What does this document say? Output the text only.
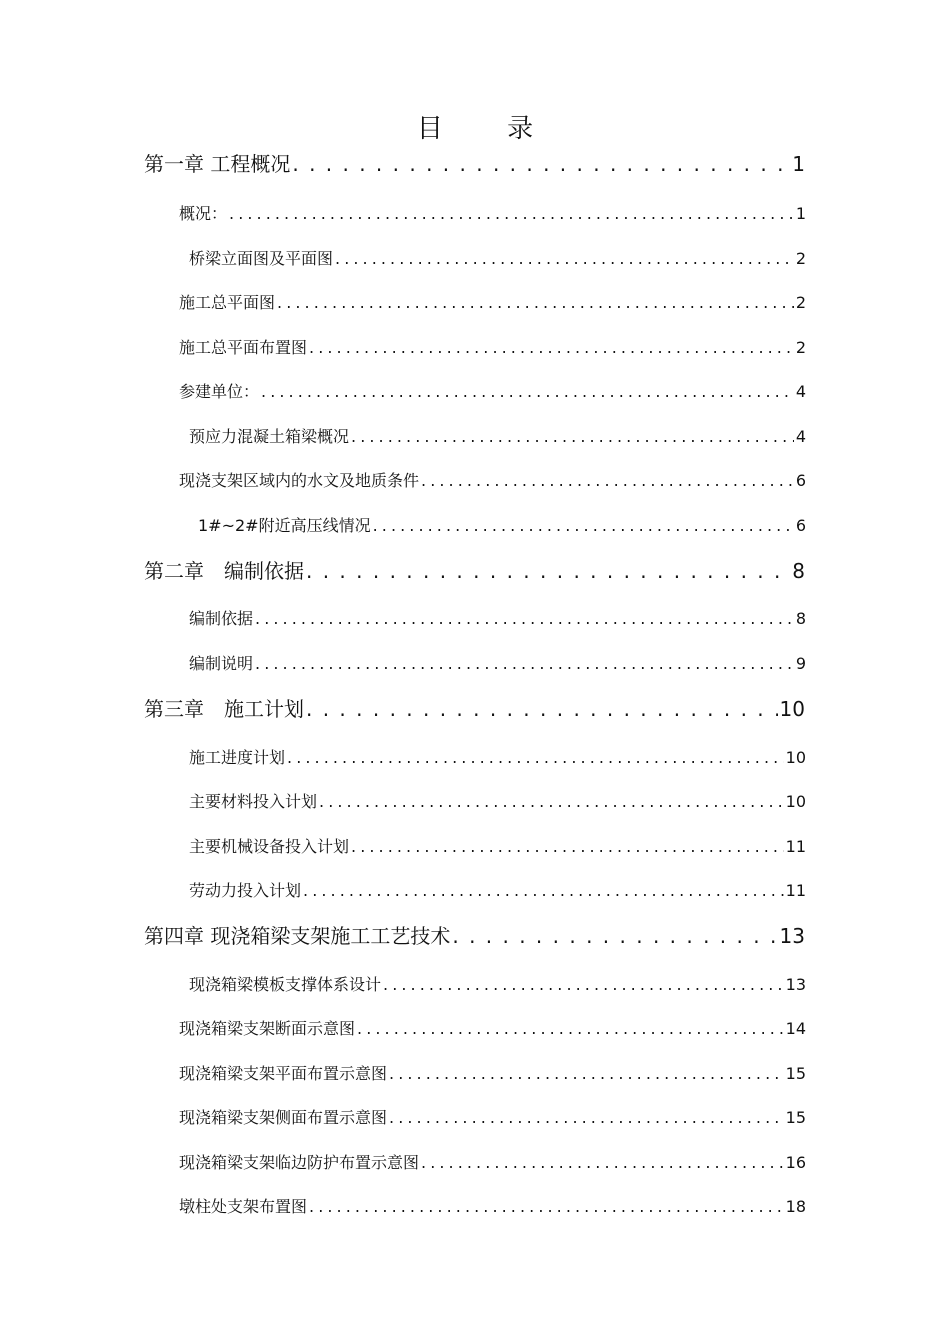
目 录
第一章 工程概况 . . .	1
概况： . . .	1
桥梁立面图及平面图 . . .	2
施工总平面图 . . .	2
施工总平面布置图 . . .	2
参建单位： . . .	4
预应力混凝土箱梁概况 . . .	4
现浇支架区域内的水文及地质条件 . . .	6
1#~2#附近高压线情况 . . .	6
第二章　编制依据 . . .	8
编制依据 . . .	8
编制说明 . . .	9
第三章　施工计划 . . .	10
施工进度计划 . . .	10
主要材料投入计划 . . .	10
主要机械设备投入计划 . . .	11
劳动力投入计划 . . .	11
第四章 现浇箱梁支架施工工艺技术 . . .	13
现浇箱梁模板支撑体系设计 . . .	13
现浇箱梁支架断面示意图 . . .	14
现浇箱梁支架平面布置示意图 . . .	15
现浇箱梁支架侧面布置示意图 . . .	15
现浇箱梁支架临边防护布置示意图 . . .	16
墩柱处支架布置图 . . .	18
